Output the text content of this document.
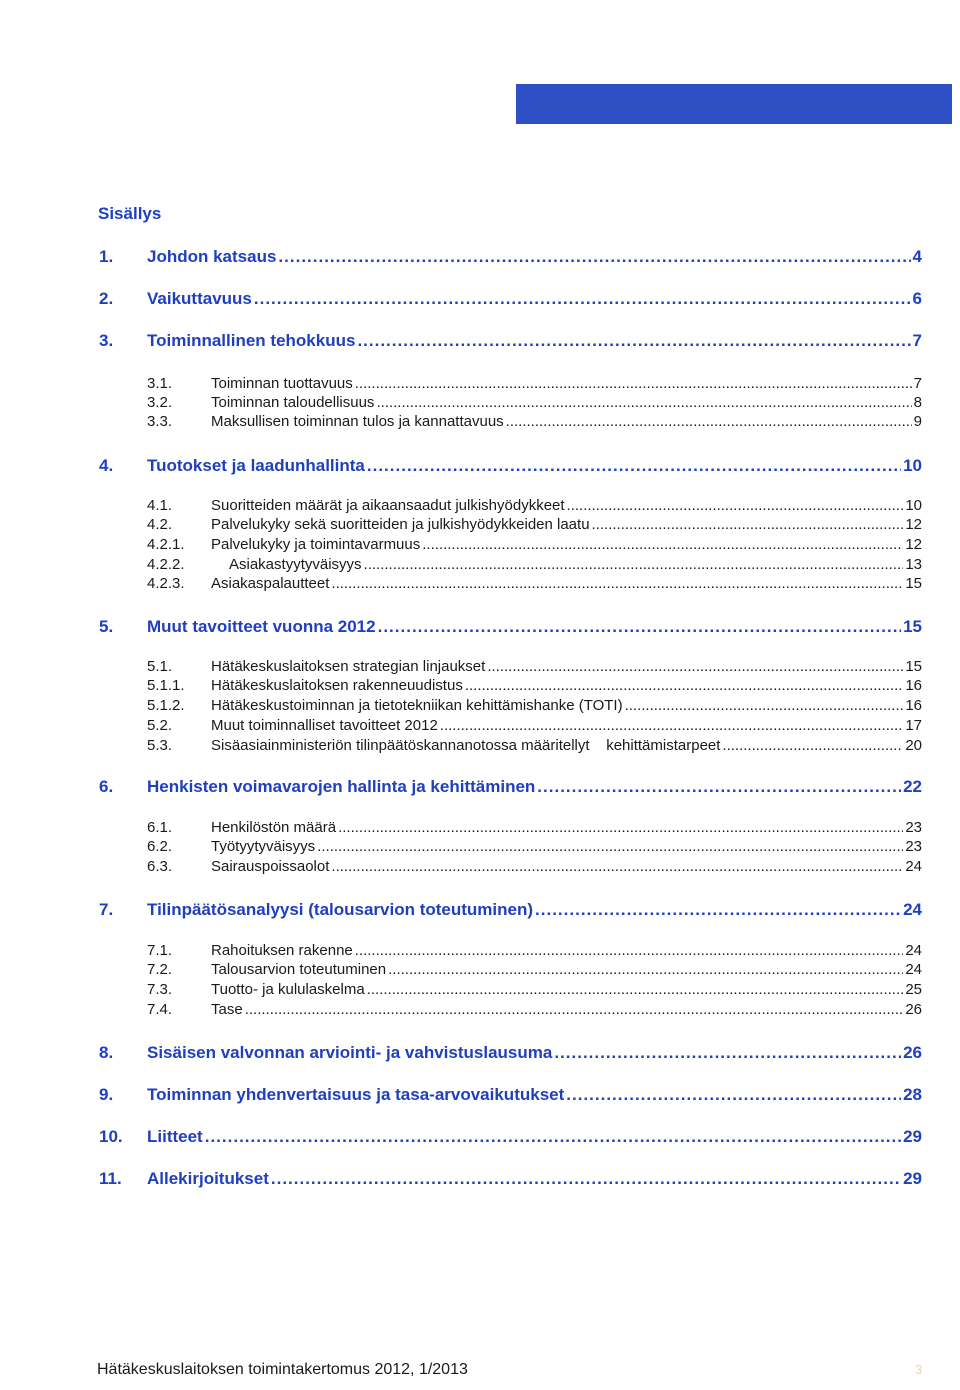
Sisällys
1.	Johdon katsaus .....	4
2.	Vaikuttavuus .....	6
3.	Toiminnallinen tehokkuus .....	7
3.1.	Toiminnan tuottavuus .....	7
3.2.	Toiminnan taloudellisuus .....	8
3.3.	Maksullisen toiminnan tulos ja kannattavuus .....	9
4.	Tuotokset ja laadunhallinta .....	10
4.1.	Suoritteiden määrät ja aikaansaadut julkishyödykkeet .....	10
4.2.	Palvelukyky sekä suoritteiden ja julkishyödykkeiden laatu .....	12
4.2.1.	Palvelukyky ja toimintavarmuus .....	12
4.2.2.	Asiakastyytyväisyys .....	13
4.2.3.	Asiakaspalautteet .....	15
5.	Muut tavoitteet vuonna 2012 .....	15
5.1.	Hätäkeskuslaitoksen strategian linjaukset .....	15
5.1.1.	Hätäkeskuslaitoksen rakenneuudistus .....	16
5.1.2.	Hätäkeskustoiminnan ja tietotekniikan kehittämishanke (TOTI) .....	16
5.2.	Muut toiminnalliset tavoitteet 2012 .....	17
5.3.	Sisäasiainministeriön tilinpäätöskannanotossa määritellyt    kehittämistarpeet .....	20
6.	Henkisten voimavarojen hallinta ja kehittäminen .....	22
6.1.	Henkilöstön määrä .....	23
6.2.	Työtyytyväisyys .....	23
6.3.	Sairauspoissaolot .....	24
7.	Tilinpäätösanalyysi (talousarvion toteutuminen) .....	24
7.1.	Rahoituksen rakenne .....	24
7.2.	Talousarvion toteutuminen .....	24
7.3.	Tuotto- ja kululaskelma .....	25
7.4.	Tase .....	26
8.	Sisäisen valvonnan arviointi- ja vahvistuslausuma .....	26
9.	Toiminnan yhdenvertaisuus ja tasa-arvovaikutukset .....	28
10.	Liitteet .....	29
11.	Allekirjoitukset .....	29
Hätäkeskuslaitoksen toimintakertomus 2012, 1/2013	3
